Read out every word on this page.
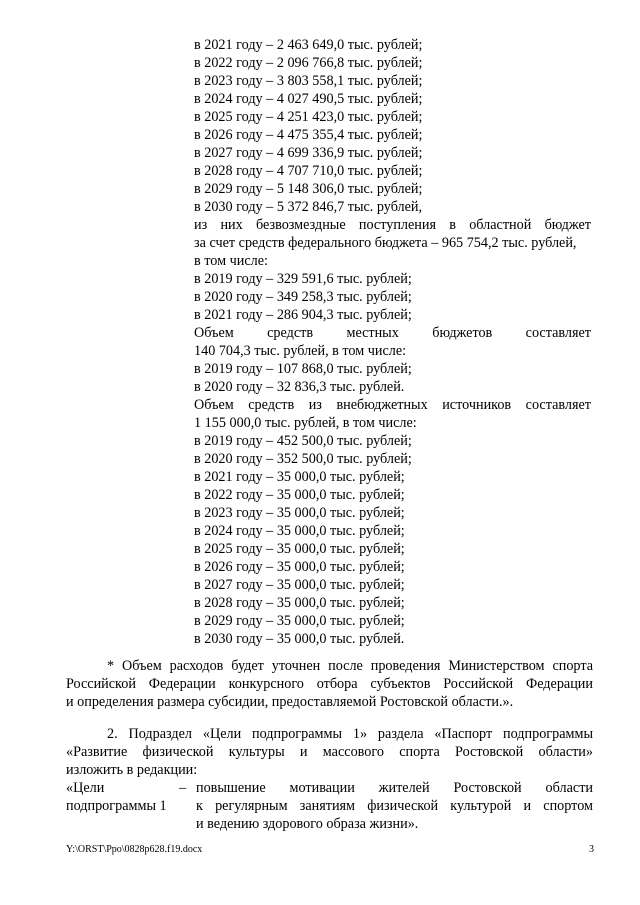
в 2021 году – 2 463 649,0 тыс. рублей;
в 2022 году – 2 096 766,8 тыс. рублей;
в 2023 году – 3 803 558,1 тыс. рублей;
в 2024 году – 4 027 490,5 тыс. рублей;
в 2025 году – 4 251 423,0 тыс. рублей;
в 2026 году – 4 475 355,4 тыс. рублей;
в 2027 году – 4 699 336,9 тыс. рублей;
в 2028 году – 4 707 710,0 тыс. рублей;
в 2029 году – 5 148 306,0 тыс. рублей;
в 2030 году – 5 372 846,7 тыс. рублей,
из них безвозмездные поступления в областной бюджет
за счет средств федерального бюджета – 965 754,2 тыс. рублей,
в том числе:
в 2019 году – 329 591,6 тыс. рублей;
в 2020 году – 349 258,3 тыс. рублей;
в 2021 году – 286 904,3 тыс. рублей;
Объем средств местных бюджетов составляет
140 704,3 тыс. рублей, в том числе:
в 2019 году – 107 868,0 тыс. рублей;
в 2020 году – 32 836,3 тыс. рублей.
Объем средств из внебюджетных источников составляет
1 155 000,0 тыс. рублей, в том числе:
в 2019 году – 452 500,0 тыс. рублей;
в 2020 году – 352 500,0 тыс. рублей;
в 2021 году – 35 000,0 тыс. рублей;
в 2022 году – 35 000,0 тыс. рублей;
в 2023 году – 35 000,0 тыс. рублей;
в 2024 году – 35 000,0 тыс. рублей;
в 2025 году – 35 000,0 тыс. рублей;
в 2026 году – 35 000,0 тыс. рублей;
в 2027 году – 35 000,0 тыс. рублей;
в 2028 году – 35 000,0 тыс. рублей;
в 2029 году – 35 000,0 тыс. рублей;
в 2030 году – 35 000,0 тыс. рублей.
* Объем расходов будет уточнен после проведения Министерством спорта
Российской Федерации конкурсного отбора субъектов Российской Федерации
и определения размера субсидии, предоставляемой Ростовской области.».
2. Подраздел «Цели подпрограммы 1» раздела «Паспорт подпрограммы
«Развитие физической культуры и массового спорта Ростовской области»
изложить в редакции:
«Цели
подпрограммы 1
– повышение мотивации жителей Ростовской области
к регулярным занятиям физической культурой и спортом
и ведению здорового образа жизни».
Y:\ORST\Ppo\0828p628.f19.docx	3
